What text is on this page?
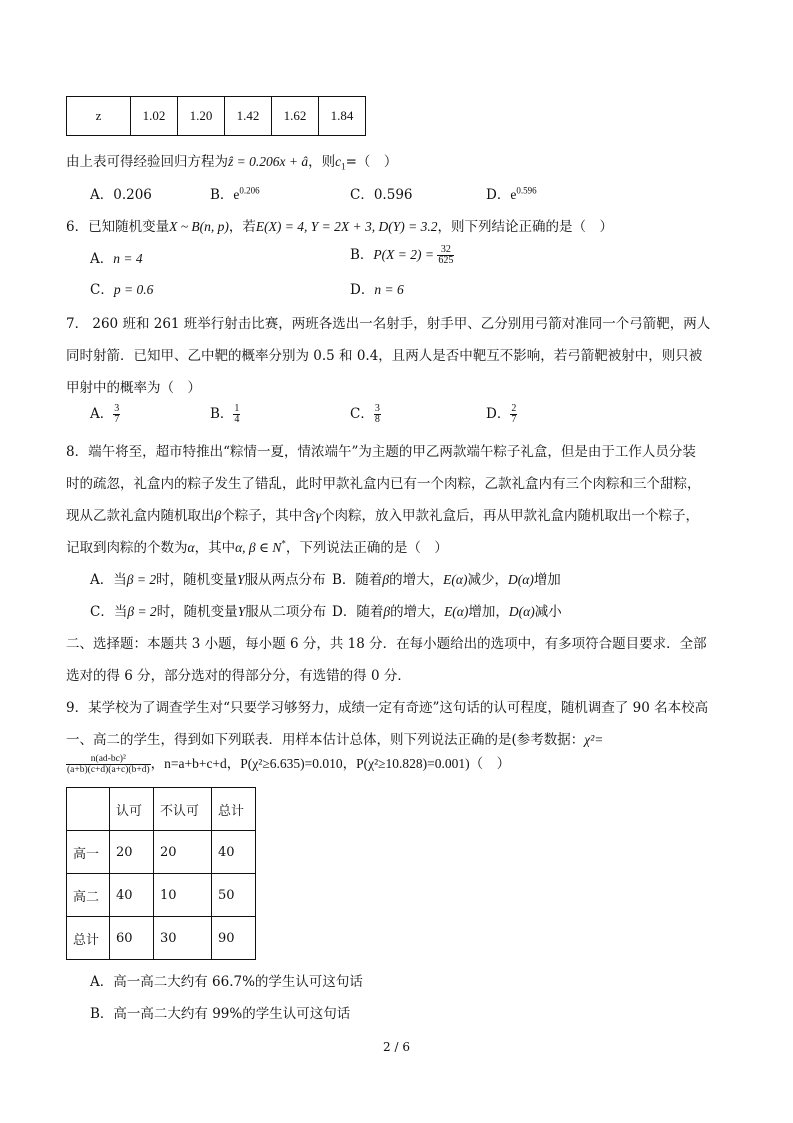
z	1.02	1.20	1.42	1.62	1.84
由上表可得经验回归方程为ẑ = 0.206x + â，则$c_1=$（　）
A．0.206	B．$e^{0.206}$	C．0.596	D．$e^{0.596}$
6．已知随机变量X ~ B(n, p)，若E(X) = 4, Y = 2X + 3, D(Y) = 3.2，则下列结论正确的是（　）
A．n = 4	B．$P(X = 2) = \frac{32}{625}$
C．p = 0.6	D．n = 6
7． 260 班和 261 班举行射击比赛，两班各选出一名射手，射手甲、乙分别用弓箭对准同一个弓箭靶，两人
同时射箭．已知甲、乙中靶的概率分别为 0.5 和 0.4，且两人是否中靶互不影响，若弓箭靶被射中，则只被
甲射中的概率为（　）
A． $\frac{3}{7}$	B． $\frac{1}{4}$	C． $\frac{3}{8}$	D． $\frac{2}{7}$
8．端午将至，超市特推出“粽情一夏，情浓端午”为主题的甲乙两款端午粽子礼盒，但是由于工作人员分装
时的疏忽，礼盒内的粽子发生了错乱，此时甲款礼盒内已有一个肉粽，乙款礼盒内有三个肉粽和三个甜粽，
现从乙款礼盒内随机取出β个粽子，其中含γ个肉粽，放入甲款礼盒后，再从甲款礼盒内随机取出一个粽子，
记取到肉粽的个数为α，其中α, β ∈ N*，下列说法正确的是（　）
A．当β = 2时，随机变量Y服从两点分布 B．随着β的增大，E(α)减少，D(α)增加
C．当β = 2时，随机变量Y服从二项分布 D．随着β的增大，E(α)增加，D(α)减小
二、选择题：本题共 3 小题，每小题 6 分，共 18 分．在每小题给出的选项中，有多项符合题目要求．全部
选对的得 6 分，部分选对的得部分分，有选错的得 0 分．
9．某学校为了调查学生对“只要学习够努力，成绩一定有奇迹”这句话的认可程度，随机调查了 90 名本校高
一、高二的学生，得到如下列联表．用样本估计总体，则下列说法正确的是(参考数据：χ²=
$\frac{\text{n(ad-bc)²}}{(a+b)(c+d)(a+c)(b+d)}$ ，n=a+b+c+d，P(χ²≥6.635)=0.010，P(χ²≥10.828)=0.001)（　）
	认可	不认可	总计
高一	20	20	40
高二	40	10	50
总计	60	30	90
A．高一高二大约有 66.7%的学生认可这句话
B．高一高二大约有 99%的学生认可这句话
2 / 6
